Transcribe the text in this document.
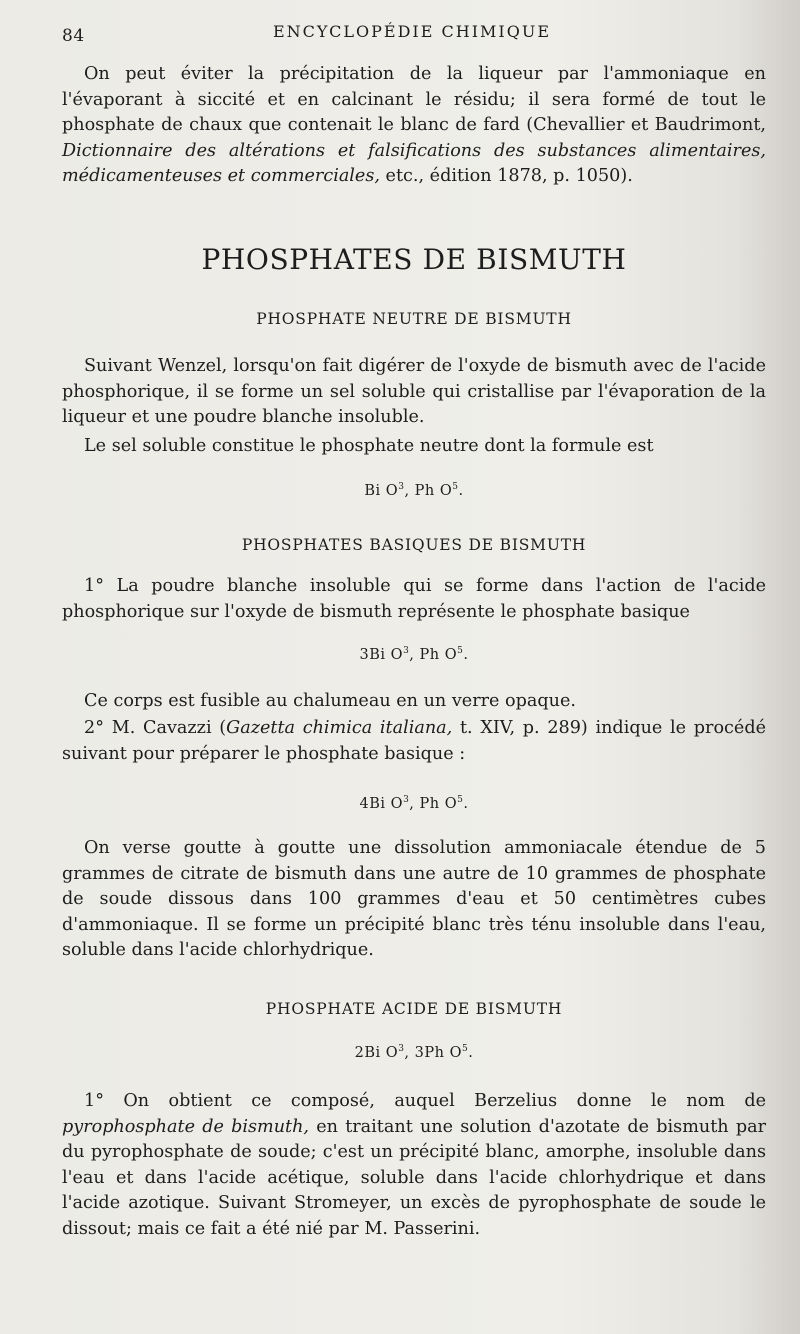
84	ENCYCLOPÉDIE CHIMIQUE

On peut éviter la précipitation de la liqueur par l'ammoniaque en l'évaporant à siccité et en calcinant le résidu; il sera formé de tout le phosphate de chaux que contenait le blanc de fard (Chevallier et Baudrimont, Dictionnaire des altérations et falsifications des substances alimentaires, médicamenteuses et commerciales, etc., édition 1878, p. 1050).

PHOSPHATES DE BISMUTH
PHOSPHATE NEUTRE DE BISMUTH

Suivant Wenzel, lorsqu'on fait digérer de l'oxyde de bismuth avec de l'acide phosphorique, il se forme un sel soluble qui cristallise par l'évaporation de la liqueur et une poudre blanche insoluble.

Le sel soluble constitue le phosphate neutre dont la formule est

Bi $O^3$, Ph $O^5$.
PHOSPHATES BASIQUES DE BISMUTH

1° La poudre blanche insoluble qui se forme dans l'action de l'acide phosphorique sur l'oxyde de bismuth représente le phosphate basique

3Bi $O^3$, Ph $O^5$.

Ce corps est fusible au chalumeau en un verre opaque.

2° M. Cavazzi (Gazetta chimica italiana, t. XIV, p. 289) indique le procédé suivant pour préparer le phosphate basique :

4Bi $O^3$, Ph $O^5$.

On verse goutte à goutte une dissolution ammoniacale étendue de 5 grammes de citrate de bismuth dans une autre de 10 grammes de phosphate de soude dissous dans 100 grammes d'eau et 50 centimètres cubes d'ammoniaque. Il se forme un précipité blanc très ténu insoluble dans l'eau, soluble dans l'acide chlorhydrique.

PHOSPHATE ACIDE DE BISMUTH
2Bi $O^3$, 3Ph $O^5$.

1° On obtient ce composé, auquel Berzelius donne le nom de pyrophosphate de bismuth, en traitant une solution d'azotate de bismuth par du pyrophosphate de soude; c'est un précipité blanc, amorphe, insoluble dans l'eau et dans l'acide acétique, soluble dans l'acide chlorhydrique et dans l'acide azotique. Suivant Stromeyer, un excès de pyrophosphate de soude le dissout; mais ce fait a été nié par M. Passerini.
